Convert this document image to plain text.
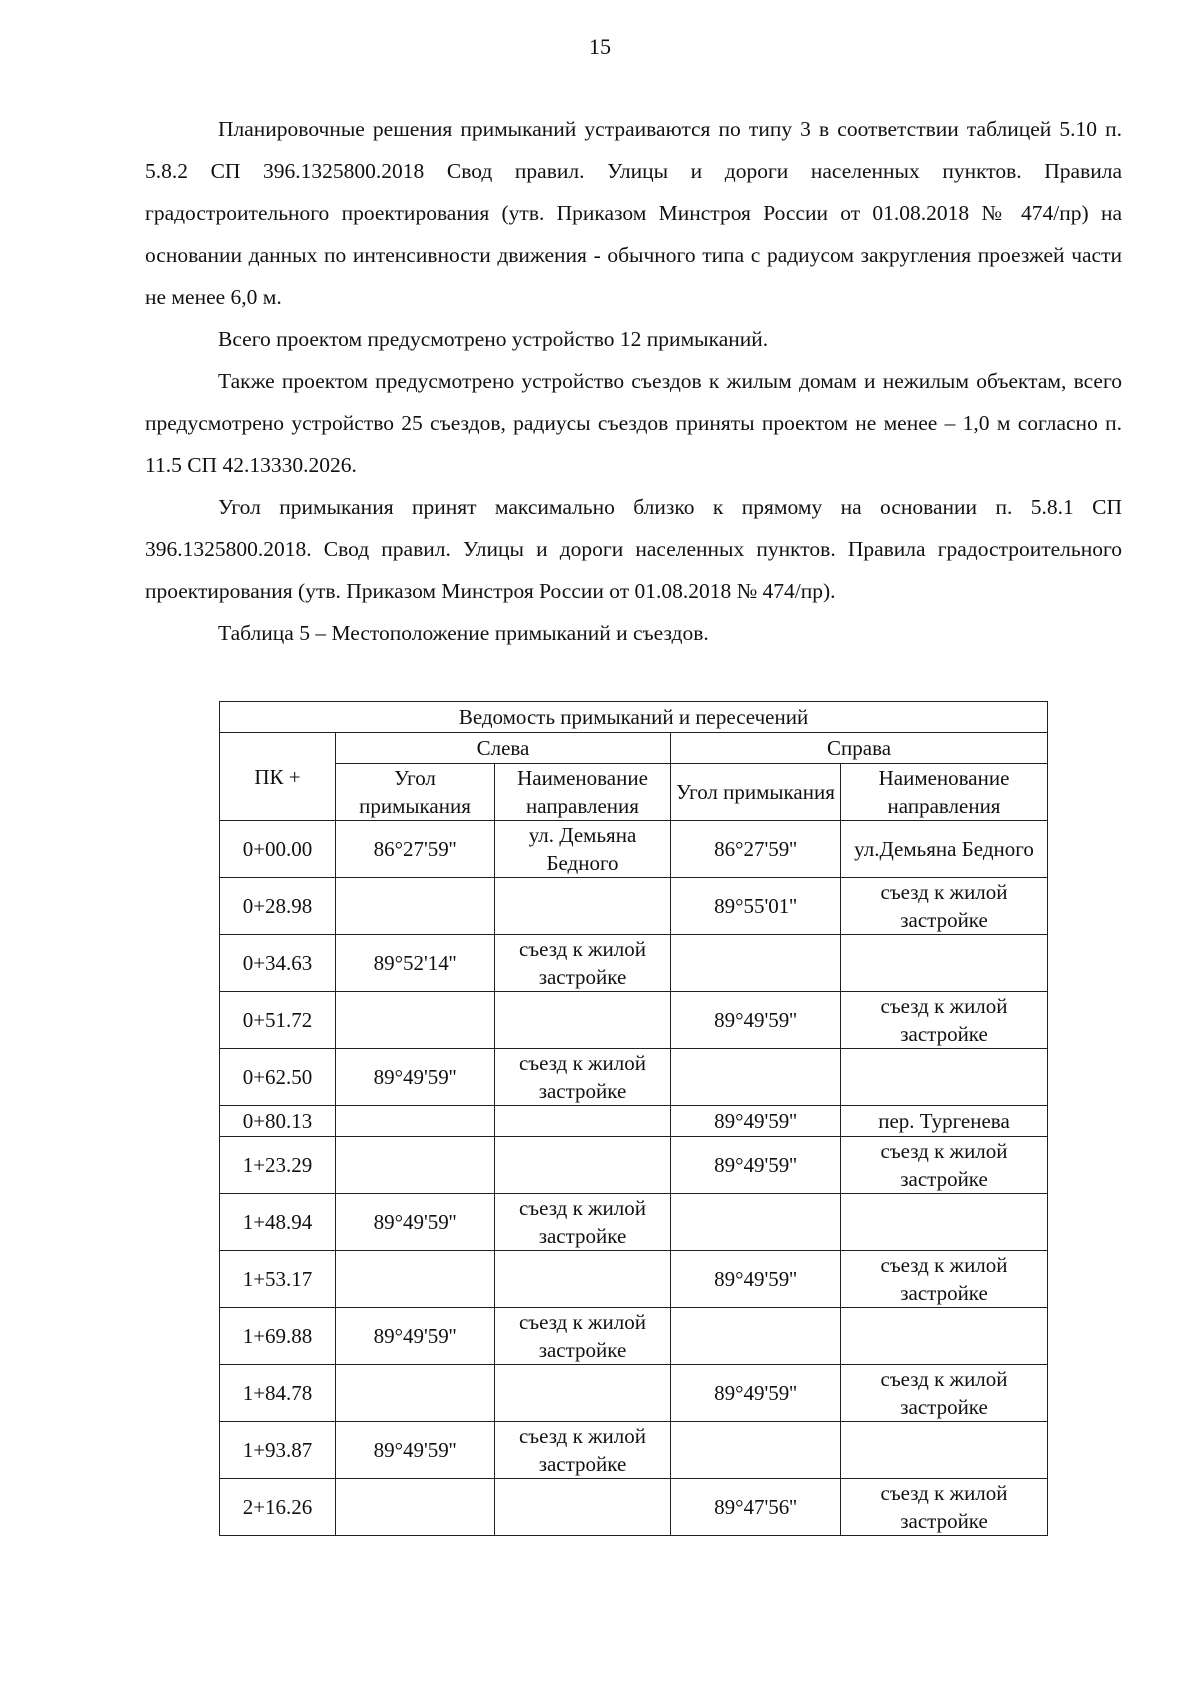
15

Планировочные решения примыканий устраиваются по типу 3 в соответствии таблицей 5.10 п. 5.8.2 СП 396.1325800.2018 Свод правил. Улицы и дороги населенных пунктов. Правила градостроительного проектирования (утв. Приказом Минстроя России от 01.08.2018 № 474/пр) на основании данных по интенсивности движения - обычного типа с радиусом закругления проезжей части не менее 6,0 м.

Всего проектом предусмотрено устройство 12 примыканий.

Также проектом предусмотрено устройство съездов к жилым домам и нежилым объектам, всего предусмотрено устройство 25 съездов, радиусы съездов приняты проектом не менее – 1,0 м согласно п. 11.5 СП 42.13330.2026.

Угол примыкания принят максимально близко к прямому на основании п. 5.8.1 СП 396.1325800.2018. Свод правил. Улицы и дороги населенных пунктов. Правила градостроительного проектирования (утв. Приказом Минстроя России от 01.08.2018 № 474/пр).

Таблица 5 – Местоположение примыканий и съездов.

Ведомость примыканий и пересечений				
ПК +	Слева		Справа	
	Угол примыкания	Наименование направления	Угол примыкания	Наименование направления
0+00.00	86°27'59''	ул. Демьяна Бедного	86°27'59''	ул.Демьяна Бедного
0+28.98			89°55'01''	съезд к жилой застройке
0+34.63	89°52'14''	съезд к жилой застройке		
0+51.72			89°49'59''	съезд к жилой застройке
0+62.50	89°49'59''	съезд к жилой застройке		
0+80.13			89°49'59''	пер. Тургенева
1+23.29			89°49'59''	съезд к жилой застройке
1+48.94	89°49'59''	съезд к жилой застройке		
1+53.17			89°49'59''	съезд к жилой застройке
1+69.88	89°49'59''	съезд к жилой застройке		
1+84.78			89°49'59''	съезд к жилой застройке
1+93.87	89°49'59''	съезд к жилой застройке		
2+16.26			89°47'56''	съезд к жилой застройке
